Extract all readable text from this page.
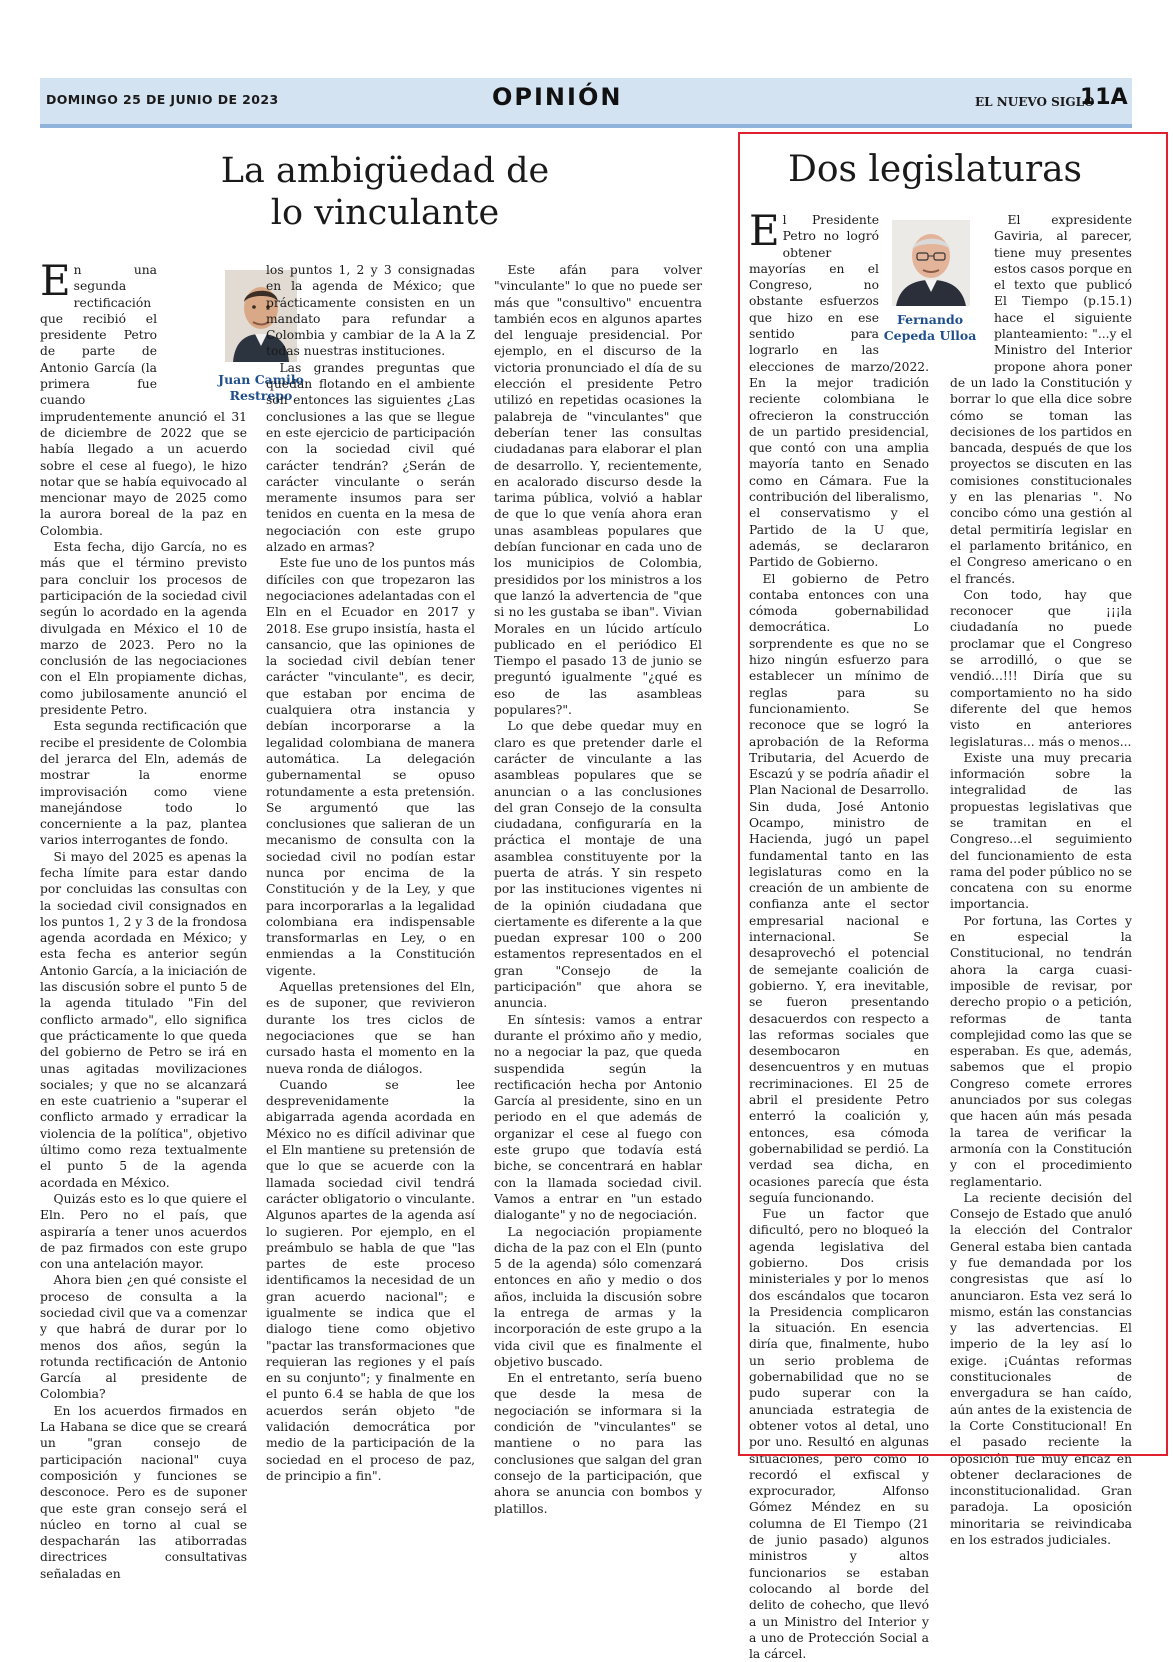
DOMINGO 25 DE JUNIO DE 2023	OPINIÓN	EL NUEVO SIGLO
11A
La ambigüedad de
lo vinculante
Dos legislaturas
Juan Camilo
Restrepo
Fernando
Cepeda Ulloa

En una segunda rectificación que recibió el presidente Petro de parte de Antonio García (la primera fue cuando imprudentemente anunció el 31 de diciembre de 2022 que se había llegado a un acuerdo sobre el cese al fuego), le hizo notar que se había equivocado al mencionar mayo de 2025 como la aurora boreal de la paz en Colombia.

Esta fecha, dijo García, no es más que el término previsto para concluir los procesos de participación de la sociedad civil según lo acordado en la agenda divulgada en México el 10 de marzo de 2023. Pero no la conclusión de las negociaciones con el Eln propiamente dichas, como jubilosamente anunció el presidente Petro.

Esta segunda rectificación que recibe el presidente de Colombia del jerarca del Eln, además de mostrar la enorme improvisación como viene manejándose todo lo concerniente a la paz, plantea varios interrogantes de fondo.

Si mayo del 2025 es apenas la fecha límite para estar dando por concluidas las consultas con la sociedad civil consignados en los puntos 1, 2 y 3 de la frondosa agenda acordada en México; y esta fecha es anterior según Antonio García, a la iniciación de las discusión sobre el punto 5 de la agenda titulado "Fin del conflicto armado", ello significa que prácticamente lo que queda del gobierno de Petro se irá en unas agitadas movilizaciones sociales; y que no se alcanzará en este cuatrienio a "superar el conflicto armado y erradicar la violencia de la política", objetivo último como reza textualmente el punto 5 de la agenda acordada en México.

Quizás esto es lo que quiere el Eln. Pero no el país, que aspiraría a tener unos acuerdos de paz firmados con este grupo con una antelación mayor.

Ahora bien ¿en qué consiste el proceso de consulta a la sociedad civil que va a comenzar y que habrá de durar por lo menos dos años, según la rotunda rectificación de Antonio García al presidente de Colombia?

En los acuerdos firmados en La Habana se dice que se creará un "gran consejo de participación nacional" cuya composición y funciones se desconoce. Pero es de suponer que este gran consejo será el núcleo en torno al cual se despacharán las atiborradas directrices consultativas señaladas en

los puntos 1, 2 y 3 consignadas en la agenda de México; que prácticamente consisten en un mandato para refundar a Colombia y cambiar de la A la Z todas nuestras instituciones.

Las grandes preguntas que quedan flotando en el ambiente son entonces las siguientes ¿Las conclusiones a las que se llegue en este ejercicio de participación con la sociedad civil qué carácter tendrán? ¿Serán de carácter vinculante o serán meramente insumos para ser tenidos en cuenta en la mesa de negociación con este grupo alzado en armas?

Este fue uno de los puntos más difíciles con que tropezaron las negociaciones adelantadas con el Eln en el Ecuador en 2017 y 2018. Ese grupo insistía, hasta el cansancio, que las opiniones de la sociedad civil debían tener carácter "vinculante", es decir, que estaban por encima de cualquiera otra instancia y debían incorporarse a la legalidad colombiana de manera automática. La delegación gubernamental se opuso rotundamente a esta pretensión. Se argumentó que las conclusiones que salieran de un mecanismo de consulta con la sociedad civil no podían estar nunca por encima de la Constitución y de la Ley, y que para incorporarlas a la legalidad colombiana era indispensable transformarlas en Ley, o en enmiendas a la Constitución vigente.

Aquellas pretensiones del Eln, es de suponer, que revivieron durante los tres ciclos de negociaciones que se han cursado hasta el momento en la nueva ronda de diálogos.

Cuando se lee desprevenidamente la abigarrada agenda acordada en México no es difícil adivinar que el Eln mantiene su pretensión de que lo que se acuerde con la llamada sociedad civil tendrá carácter obligatorio o vinculante. Algunos apartes de la agenda así lo sugieren. Por ejemplo, en el preámbulo se habla de que "las partes de este proceso identificamos la necesidad de un gran acuerdo nacional"; e igualmente se indica que el dialogo tiene como objetivo "pactar las transformaciones que requieran las regiones y el país en su conjunto"; y finalmente en el punto 6.4 se habla de que los acuerdos serán objeto "de validación democrática por medio de la participación de la sociedad en el proceso de paz, de principio a fin".

Este afán para volver "vinculante" lo que no puede ser más que "consultivo" encuentra también ecos en algunos apartes del lenguaje presidencial. Por ejemplo, en el discurso de la victoria pronunciado el día de su elección el presidente Petro utilizó en repetidas ocasiones la palabreja de "vinculantes" que deberían tener las consultas ciudadanas para elaborar el plan de desarrollo. Y, recientemente, en acalorado discurso desde la tarima pública, volvió a hablar de que lo que venía ahora eran unas asambleas populares que debían funcionar en cada uno de los municipios de Colombia, presididos por los ministros a los que lanzó la advertencia de "que si no les gustaba se iban". Vivian Morales en un lúcido artículo publicado en el periódico El Tiempo el pasado 13 de junio se preguntó igualmente "¿qué es eso de las asambleas populares?".

Lo que debe quedar muy en claro es que pretender darle el carácter de vinculante a las asambleas populares que se anuncian o a las conclusiones del gran Consejo de la consulta ciudadana, configuraría en la práctica el montaje de una asamblea constituyente por la puerta de atrás. Y sin respeto por las instituciones vigentes ni de la opinión ciudadana que ciertamente es diferente a la que puedan expresar 100 o 200 estamentos representados en el gran "Consejo de la participación" que ahora se anuncia.

En síntesis: vamos a entrar durante el próximo año y medio, no a negociar la paz, que queda suspendida según la rectificación hecha por Antonio García al presidente, sino en un periodo en el que además de organizar el cese al fuego con este grupo que todavía está biche, se concentrará en hablar con la llamada sociedad civil. Vamos a entrar en "un estado dialogante" y no de negociación.

La negociación propiamente dicha de la paz con el Eln (punto 5 de la agenda) sólo comenzará entonces en año y medio o dos años, incluida la discusión sobre la entrega de armas y la incorporación de este grupo a la vida civil que es finalmente el objetivo buscado.

En el entretanto, sería bueno que desde la mesa de negociación se informara si la condición de "vinculantes" se mantiene o no para las conclusiones que salgan del gran consejo de la participación, que ahora se anuncia con bombos y platillos.

El Presidente Petro no logró obtener mayorías en el Congreso, no obstante esfuerzos que hizo en ese sentido para lograrlo en las elecciones de marzo/2022. En la mejor tradición reciente colombiana le ofrecieron la construcción de un partido presidencial, que contó con una amplia mayoría tanto en Senado como en Cámara. Fue la contribución del liberalismo, el conservatismo y el Partido de la U que, además, se declararon Partido de Gobierno.

El gobierno de Petro contaba entonces con una cómoda gobernabilidad democrática. Lo sorprendente es que no se hizo ningún esfuerzo para establecer un mínimo de reglas para su funcionamiento. Se reconoce que se logró la aprobación de la Reforma Tributaria, del Acuerdo de Escazú y se podría añadir el Plan Nacional de Desarrollo. Sin duda, José Antonio Ocampo, ministro de Hacienda, jugó un papel fundamental tanto en las legislaturas como en la creación de un ambiente de confianza ante el sector empresarial nacional e internacional. Se desaprovechó el potencial de semejante coalición de gobierno. Y, era inevitable, se fueron presentando desacuerdos con respecto a las reformas sociales que desembocaron en desencuentros y en mutuas recriminaciones. El 25 de abril el presidente Petro enterró la coalición y, entonces, esa cómoda gobernabilidad se perdió. La verdad sea dicha, en ocasiones parecía que ésta seguía funcionando.

Fue un factor que dificultó, pero no bloqueó la agenda legislativa del gobierno. Dos crisis ministeriales y por lo menos dos escándalos que tocaron la Presidencia complicaron la situación. En esencia diría que, finalmente, hubo un serio problema de gobernabilidad que no se pudo superar con la anunciada estrategia de obtener votos al detal, uno por uno. Resultó en algunas situaciones, pero como lo recordó el exfiscal y exprocurador, Alfonso Gómez Méndez en su columna de El Tiempo (21 de junio pasado) algunos ministros y altos funcionarios se estaban colocando al borde del delito de cohecho, que llevó a un Ministro del Interior y a uno de Protección Social a la cárcel.

El expresidente Gaviria, al parecer, tiene muy presentes estos casos porque en el texto que publicó El Tiempo (p.15.1) hace el siguiente planteamiento: "...y el Ministro del Interior propone ahora poner de un lado la Constitución y borrar lo que ella dice sobre cómo se toman las decisiones de los partidos en bancada, después de que los proyectos se discuten en las comisiones constitucionales y en las plenarias ". No concibo cómo una gestión al detal permitiría legislar en el parlamento británico, en el Congreso americano o en el francés.

Con todo, hay que reconocer que ¡¡¡la ciudadanía no puede proclamar que el Congreso se arrodilló, o que se vendió...!!! Diría que su comportamiento no ha sido diferente del que hemos visto en anteriores legislaturas... más o menos...

Existe una muy precaria información sobre la integralidad de las propuestas legislativas que se tramitan en el Congreso...el seguimiento del funcionamiento de esta rama del poder público no se concatena con su enorme importancia.

Por fortuna, las Cortes y en especial la Constitucional, no tendrán ahora la carga cuasi-imposible de revisar, por derecho propio o a petición, reformas de tanta complejidad como las que se esperaban. Es que, además, sabemos que el propio Congreso comete errores anunciados por sus colegas que hacen aún más pesada la tarea de verificar la armonía con la Constitución y con el procedimiento reglamentario.

La reciente decisión del Consejo de Estado que anuló la elección del Contralor General estaba bien cantada y fue demandada por los congresistas que así lo anunciaron. Esta vez será lo mismo, están las constancias y las advertencias. El imperio de la ley así lo exige. ¡Cuántas reformas constitucionales de envergadura se han caído, aún antes de la existencia de la Corte Constitucional! En el pasado reciente la oposición fue muy eficaz en obtener declaraciones de inconstitucionalidad. Gran paradoja. La oposición minoritaria se reivindicaba en los estrados judiciales.
